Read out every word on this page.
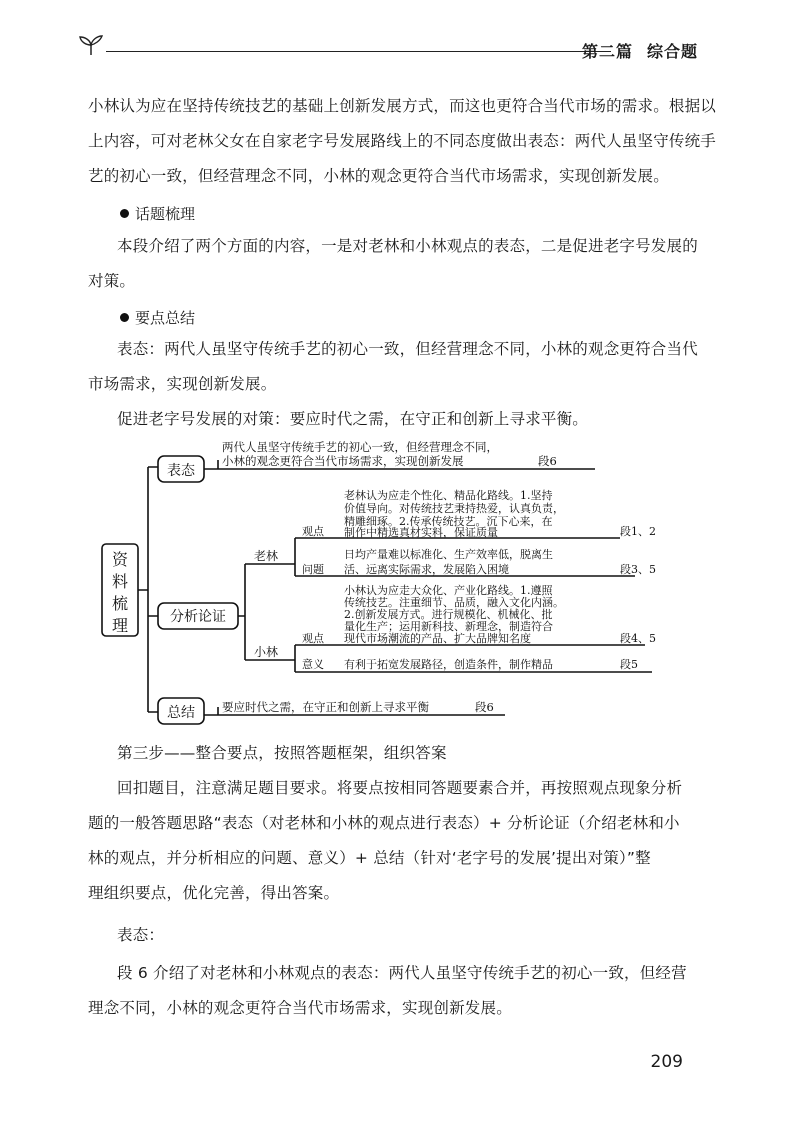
第二篇 综合题
小林认为应在坚持传统技艺的基础上创新发展方式，而这也更符合当代市场的需求。根据以
上内容，可对老林父女在自家老字号发展路线上的不同态度做出表态：两代人虽坚守传统手
艺的初心一致，但经营理念不同，小林的观念更符合当代市场需求，实现创新发展。
话题梳理
本段介绍了两个方面的内容，一是对老林和小林观点的表态，二是促进老字号发展的
对策。
要点总结
表态：两代人虽坚守传统手艺的初心一致，但经营理念不同，小林的观念更符合当代
市场需求，实现创新发展。
促进老字号发展的对策：要应时代之需，在守正和创新上寻求平衡。
资
料
梳
理
表态
两代人虽坚守传统手艺的初心一致，但经营理念不同，
小林的观念更符合当代市场需求，实现创新发展	段6
分析论证
老林
小林
观点
老林认为应走个性化、精品化路线。1.坚持
价值导向。对传统技艺秉持热爱，认真负责，
精雕细琢。2.传承传统技艺。沉下心来，在
制作中精选真材实料，保证质量	段1、2
问题
日均产量难以标准化、生产效率低，脱离生
活、远离实际需求，发展陷入困境	段3、5
观点
小林认为应走大众化、产业化路线。1.遵照
传统技艺。注重细节、品质，融入文化内涵。
2.创新发展方式。进行规模化、机械化、批
量化生产；运用新科技、新理念，制造符合
现代市场潮流的产品、扩大品牌知名度	段4、5
意义 有利于拓宽发展路径，创造条件，制作精品	段5
总结 要应时代之需，在守正和创新上寻求平衡	段6
第三步——整合要点，按照答题框架，组织答案
回扣题目，注意满足题目要求。将要点按相同答题要素合并，再按照观点现象分析
题的一般答题思路“表态（对老林和小林的观点进行表态）+ 分析论证（介绍老林和小
林的观点，并分析相应的问题、意义）+ 总结（针对‘老字号的发展’提出对策）”整
理组织要点，优化完善，得出答案。
表态：
段 6 介绍了对老林和小林观点的表态：两代人虽坚守传统手艺的初心一致，但经营
理念不同，小林的观念更符合当代市场需求，实现创新发展。
209
